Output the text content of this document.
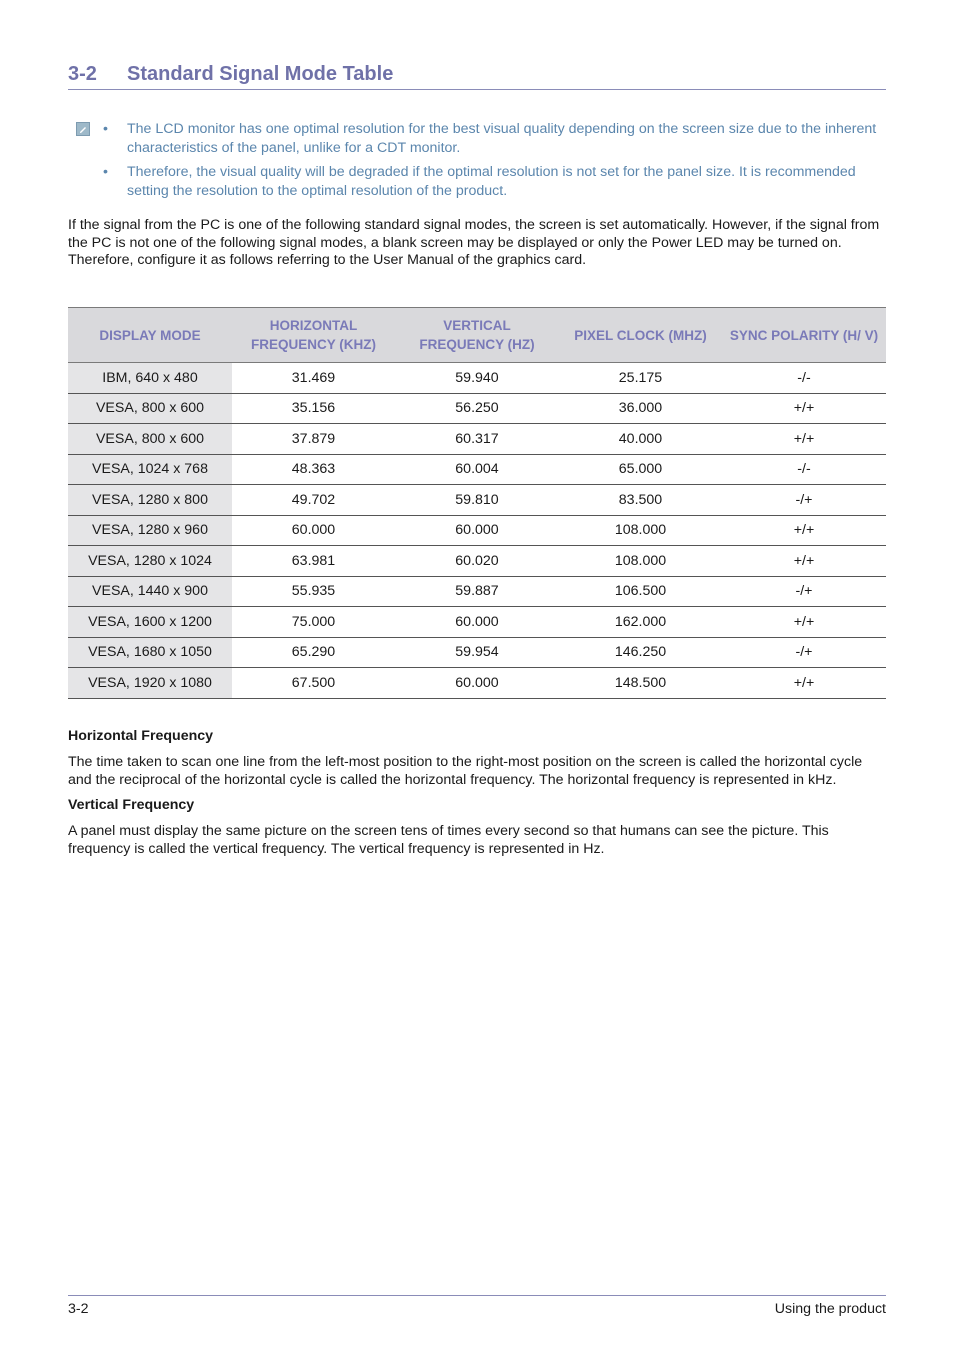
3-2 Standard Signal Mode Table
• The LCD monitor has one optimal resolution for the best visual quality depending on the screen size due to the inherent characteristics of the panel, unlike for a CDT monitor.
• Therefore, the visual quality will be degraded if the optimal resolution is not set for the panel size. It is recommended setting the resolution to the optimal resolution of the product.
If the signal from the PC is one of the following standard signal modes, the screen is set automatically. However, if the signal from the PC is not one of the following signal modes, a blank screen may be displayed or only the Power LED may be turned on. Therefore, configure it as follows referring to the User Manual of the graphics card.
DISPLAY MODE	HORIZONTAL FREQUENCY (KHZ)	VERTICAL FREQUENCY (HZ)	PIXEL CLOCK (MHZ)	SYNC POLARITY (H/ V)
IBM, 640 x 480	31.469	59.940	25.175	-/-
VESA, 800 x 600	35.156	56.250	36.000	+/+
VESA, 800 x 600	37.879	60.317	40.000	+/+
VESA, 1024 x 768	48.363	60.004	65.000	-/-
VESA, 1280 x 800	49.702	59.810	83.500	-/+
VESA, 1280 x 960	60.000	60.000	108.000	+/+
VESA, 1280 x 1024	63.981	60.020	108.000	+/+
VESA, 1440 x 900	55.935	59.887	106.500	-/+
VESA, 1600 x 1200	75.000	60.000	162.000	+/+
VESA, 1680 x 1050	65.290	59.954	146.250	-/+
VESA, 1920 x 1080	67.500	60.000	148.500	+/+
Horizontal Frequency
The time taken to scan one line from the left-most position to the right-most position on the screen is called the horizontal cycle and the reciprocal of the horizontal cycle is called the horizontal frequency. The horizontal frequency is represented in kHz.
Vertical Frequency
A panel must display the same picture on the screen tens of times every second so that humans can see the picture. This frequency is called the vertical frequency. The vertical frequency is represented in Hz.
3-2	Using the product
